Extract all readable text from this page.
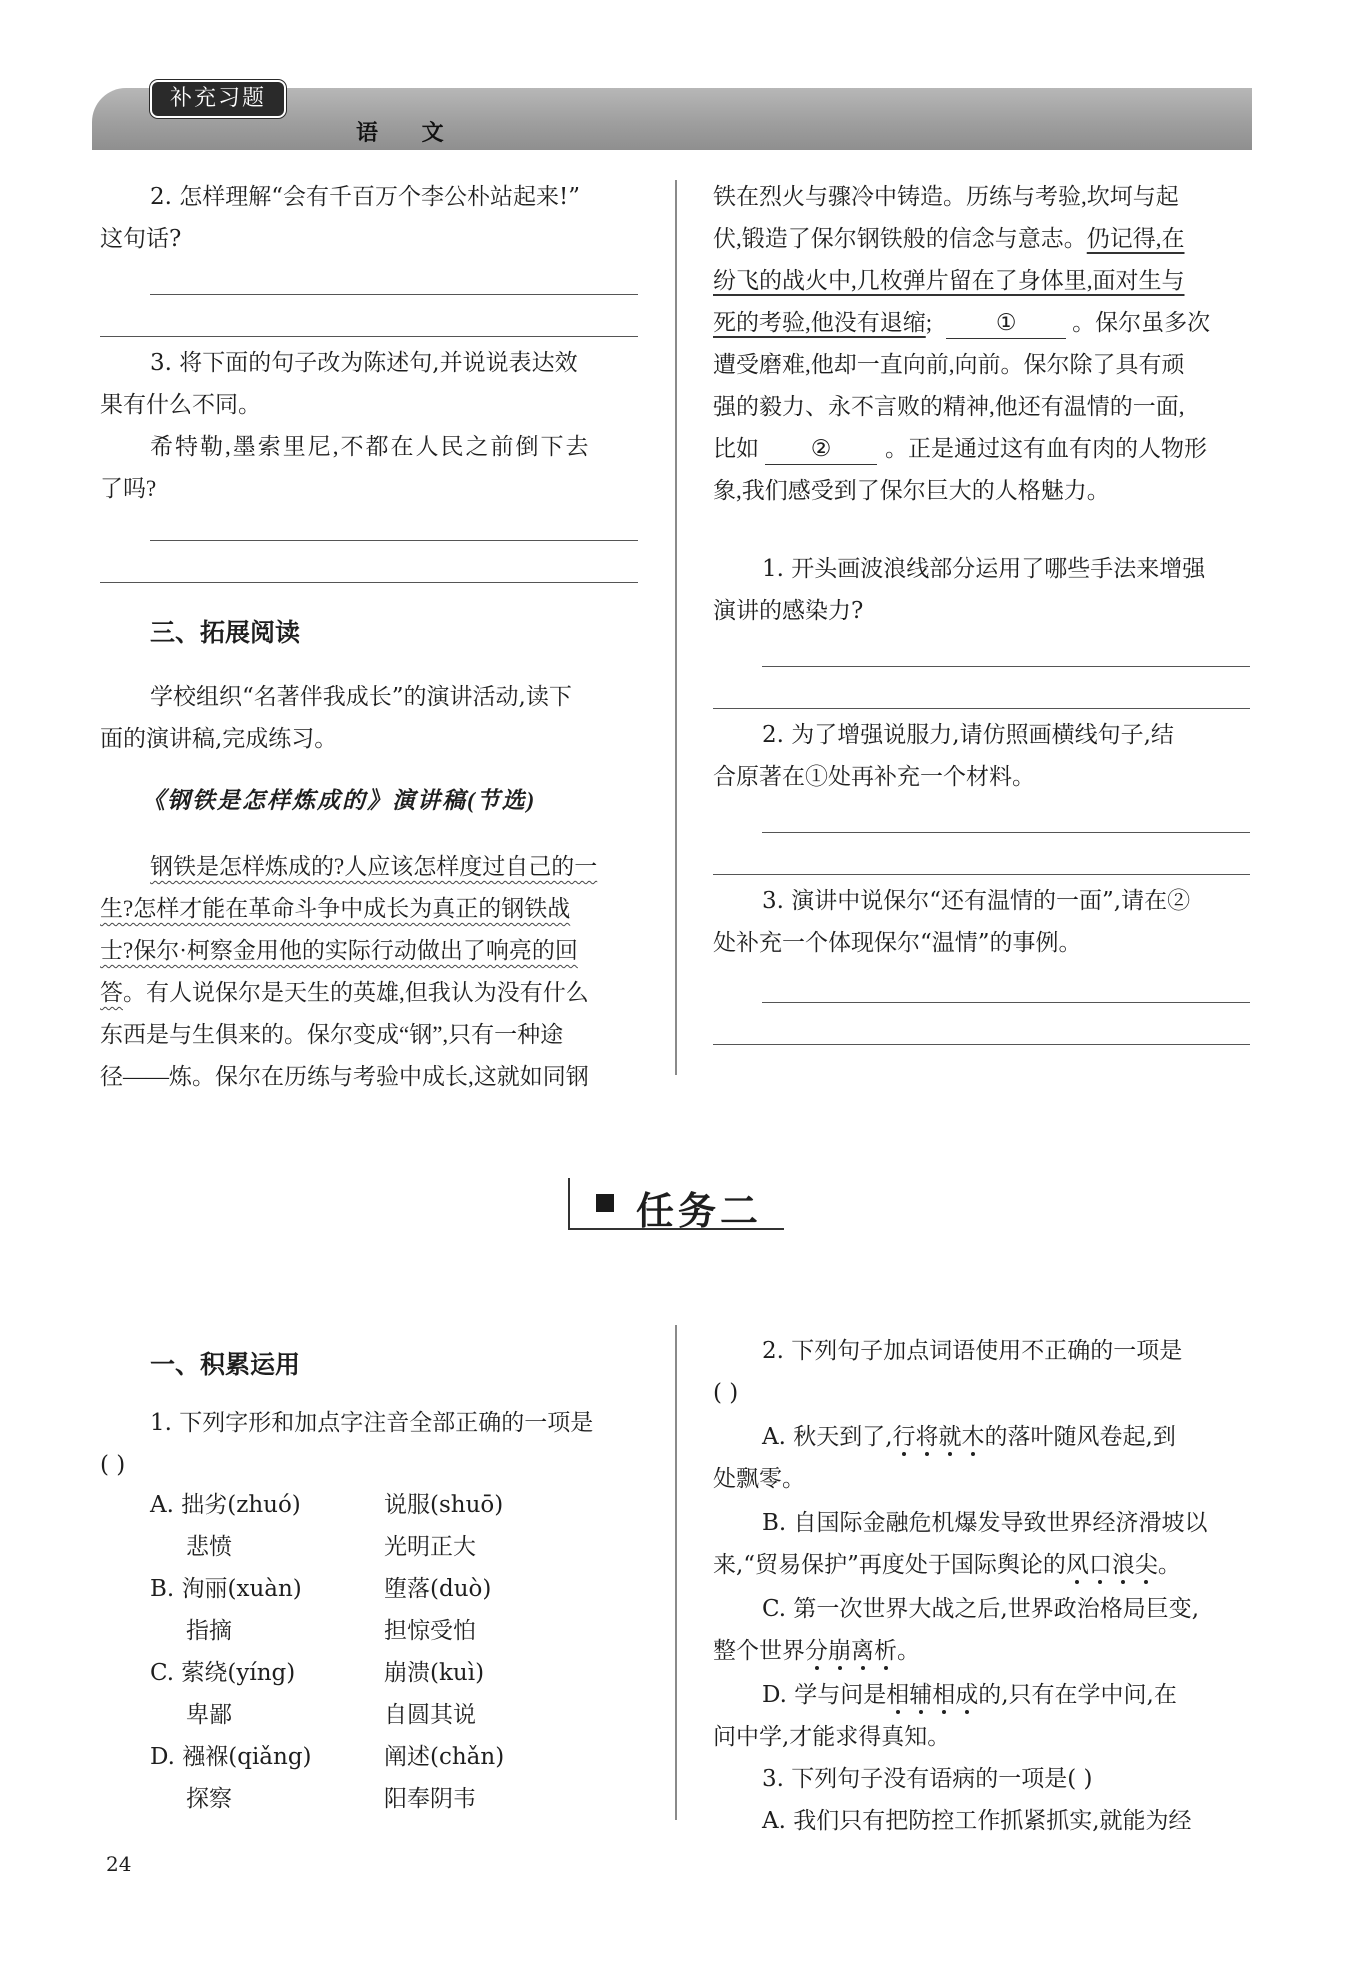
补充习题
语 文
2. 怎样理解“会有千百万个李公朴站起来!”
这句话?
3. 将下面的句子改为陈述句,并说说表达效
果有什么不同。
希特勒,墨索里尼,不都在人民之前倒下去
了吗?
三、拓展阅读
学校组织“名著伴我成长”的演讲活动,读下
面的演讲稿,完成练习。
《钢铁是怎样炼成的》演讲稿(节选)
钢铁是怎样炼成的?人应该怎样度过自己的一
生?怎样才能在革命斗争中成长为真正的钢铁战
士?保尔·柯察金用他的实际行动做出了响亮的回
答。有人说保尔是天生的英雄,但我认为没有什么
东西是与生俱来的。保尔变成“钢”,只有一种途
径——炼。保尔在历练与考验中成长,这就如同钢
铁在烈火与骤冷中铸造。历练与考验,坎坷与起
伏,锻造了保尔钢铁般的信念与意志。仍记得,在
纷飞的战火中,几枚弹片留在了身体里,面对生与
死的考验,他没有退缩;	① 。保尔虽多次
遭受磨难,他却一直向前,向前。保尔除了具有顽
强的毅力、永不言败的精神,他还有温情的一面,
比如 ② 。正是通过这有血有肉的人物形
象,我们感受到了保尔巨大的人格魅力。
1. 开头画波浪线部分运用了哪些手法来增强
演讲的感染力?
2. 为了增强说服力,请仿照画横线句子,结
合原著在①处再补充一个材料。
3. 演讲中说保尔“还有温情的一面”,请在②
处补充一个体现保尔“温情”的事例。
任务二
一、积累运用
1. 下列字形和加点字注音全部正确的一项是
( )
A. 拙劣(zhuó)	说服(shuō)
悲愤	光明正大
B. 洵丽(xuàn)	堕落(duò)
指摘	担惊受怕
C. 萦绕(yíng)	崩溃(kuì)
卑鄙	自圆其说
D. 襁褓(qiǎng)	阐述(chǎn)
探察	阳奉阴韦
2. 下列句子加点词语使用不正确的一项是
( )
A. 秋天到了,行将就木的落叶随风卷起,到
处飘零。
B. 自国际金融危机爆发导致世界经济滑坡以
来,“贸易保护”再度处于国际舆论的风口浪尖。
C. 第一次世界大战之后,世界政治格局巨变,
整个世界分崩离析。
D. 学与问是相辅相成的,只有在学中问,在
问中学,才能求得真知。
3. 下列句子没有语病的一项是( )
A. 我们只有把防控工作抓紧抓实,就能为经
24
